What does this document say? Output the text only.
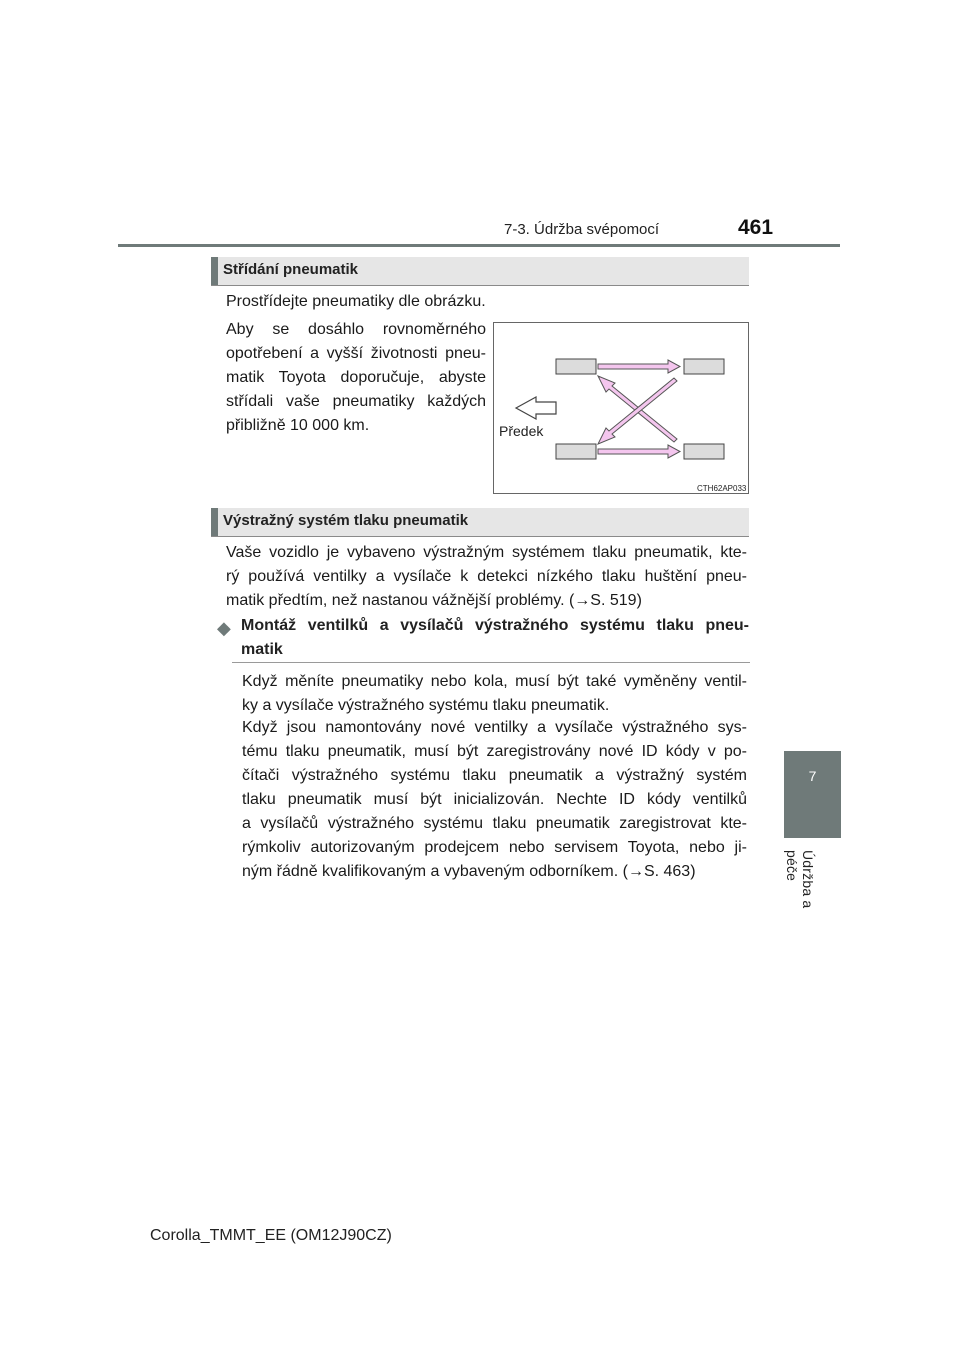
7-3. Údržba svépomocí	461
7
Údržba a péče
Střídání pneumatik
Prostřídejte pneumatiky dle obrázku.
Aby se dosáhlo rovnoměrného
opotřebení a vyšší životnosti pneu-
matik Toyota doporučuje, abyste
střídali vaše pneumatiky každých
přibližně 10 000 km.	Předek
CTH62AP033
Výstražný systém tlaku pneumatik
Vaše vozidlo je vybaveno výstražným systémem tlaku pneumatik, kte-
rý používá ventilky a vysílače k detekci nízkého tlaku huštění pneu-
matik předtím, než nastanou vážnější problémy. (→S. 519)
◆ Montáž ventilků a vysílačů výstražného systému tlaku pneu-
matik
Když měníte pneumatiky nebo kola, musí být také vyměněny ventil-
ky a vysílače výstražného systému tlaku pneumatik.
Když jsou namontovány nové ventilky a vysílače výstražného sys-
tému tlaku pneumatik, musí být zaregistrovány nové ID kódy v po-
čítači výstražného systému tlaku pneumatik a výstražný systém
tlaku pneumatik musí být inicializován. Nechte ID kódy ventilků
a vysílačů výstražného systému tlaku pneumatik zaregistrovat kte-
rýmkoliv autorizovaným prodejcem nebo servisem Toyota, nebo ji-
ným řádně kvalifikovaným a vybaveným odborníkem. (→S. 463)
Corolla_TMMT_EE (OM12J90CZ)
